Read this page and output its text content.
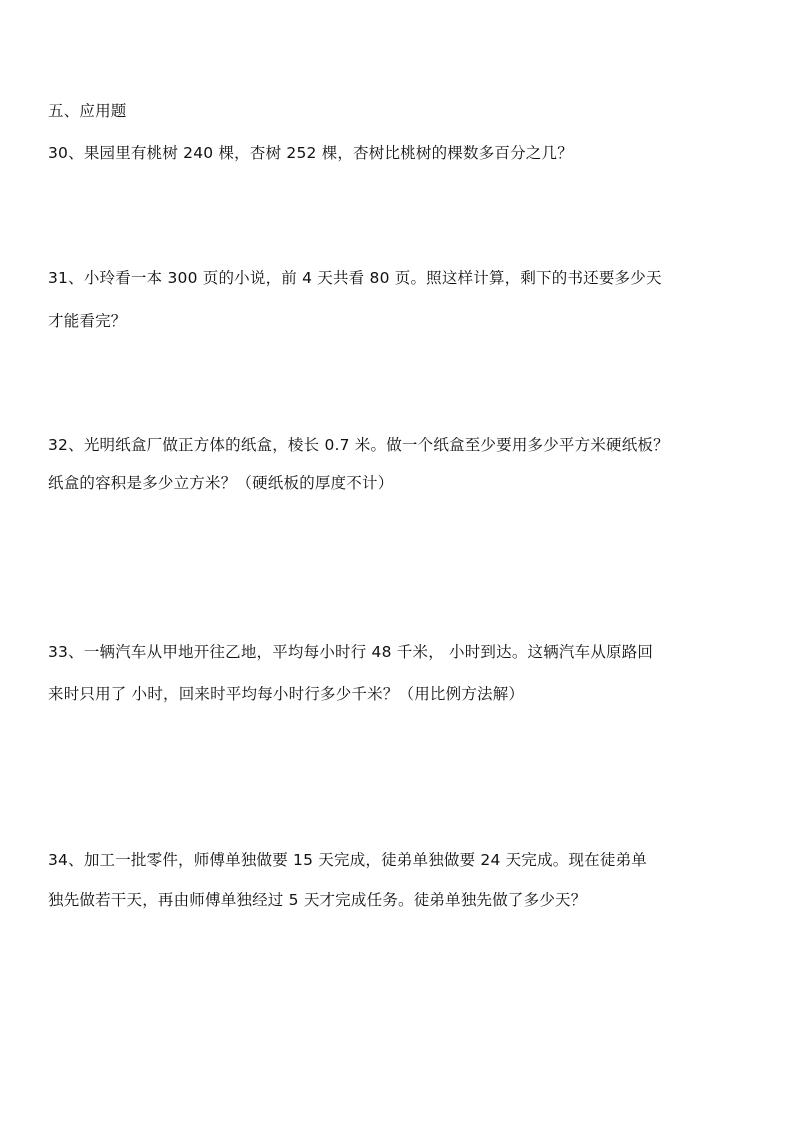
五、应用题
30、果园里有桃树 240 棵，杏树 252 棵，杏树比桃树的棵数多百分之几？
31、小玲看一本 300 页的小说，前 4 天共看 80 页。照这样计算，剩下的书还要多少天
才能看完？
32、光明纸盒厂做正方体的纸盒，棱长 0.7 米。做一个纸盒至少要用多少平方米硬纸板？
纸盒的容积是多少立方米？（硬纸板的厚度不计）
33、一辆汽车从甲地开往乙地，平均每小时行 48 千米， 小时到达。这辆汽车从原路回
来时只用了 小时，回来时平均每小时行多少千米？（用比例方法解）
34、加工一批零件，师傅单独做要 15 天完成，徒弟单独做要 24 天完成。现在徒弟单
独先做若干天，再由师傅单独经过 5 天才完成任务。徒弟单独先做了多少天？
